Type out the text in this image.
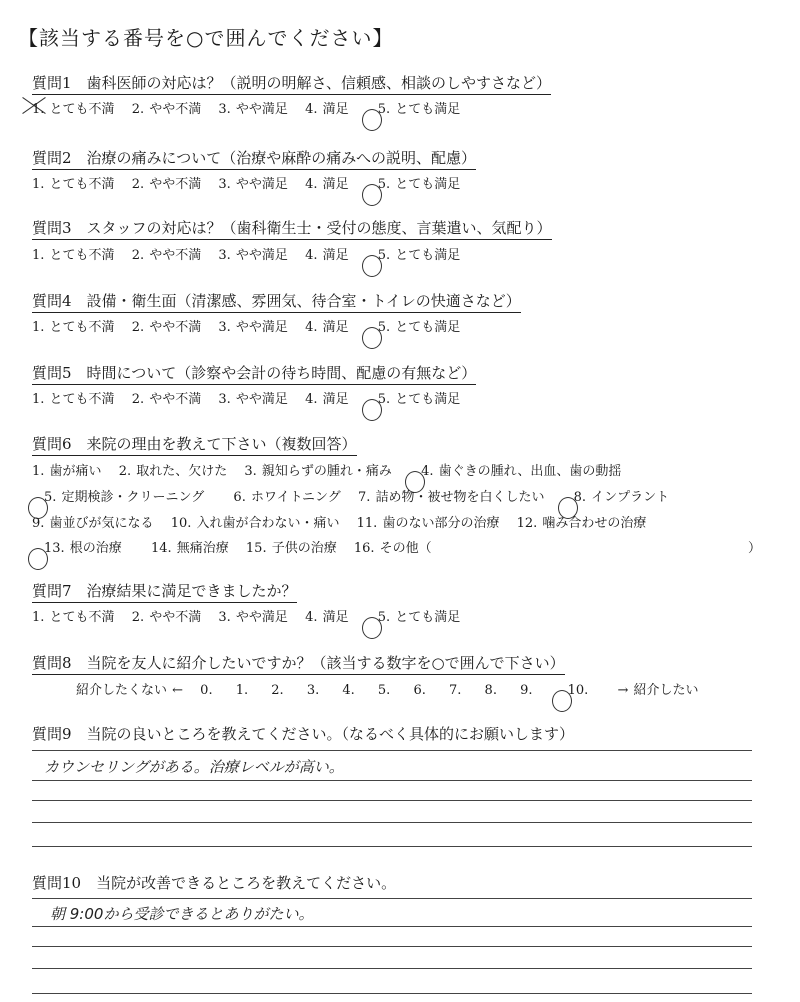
【該当する番号を○で囲んでください】
質問1　歯科医師の対応は？（説明の明解さ、信頼感、相談のしやすさなど）
1. とても不満 2. やや不満 3. やや満足 4. 満足 5. とても満足
質問2　治療の痛みについて（治療や麻酔の痛みへの説明、配慮）
1. とても不満 2. やや不満 3. やや満足 4. 満足 5. とても満足
質問3　スタッフの対応は？（歯科衛生士・受付の態度、言葉遣い、気配り）
1. とても不満 2. やや不満 3. やや満足 4. 満足 5. とても満足
質問4　設備・衛生面（清潔感、雰囲気、待合室・トイレの快適さなど）
1. とても不満 2. やや不満 3. やや満足 4. 満足 5. とても満足
質問5　時間について（診察や会計の待ち時間、配慮の有無など）
1. とても不満 2. やや不満 3. やや満足 4. 満足 5. とても満足
質問6　来院の理由を教えて下さい（複数回答）
1. 歯が痛い 2. 取れた、欠けた 3. 親知らずの腫れ・痛み 4. 歯ぐきの腫れ、出血、歯の動揺
5. 定期検診・クリーニング 6. ホワイトニング 7. 詰め物・被せ物を白くしたい 8. インプラント
9. 歯並びが気になる 10. 入れ歯が合わない・痛い 11. 歯のない部分の治療 12. 噛み合わせの治療
13. 根の治療 14. 無痛治療 15. 子供の治療 16. その他（	）
質問7　治療結果に満足できましたか？
1. とても不満 2. やや不満 3. やや満足 4. 満足 5. とても満足
質問8　当院を友人に紹介したいですか？（該当する数字を○で囲んで下さい）
紹介したくない ← 0. 1. 2. 3. 4. 5. 6. 7. 8. 9.	10. → 紹介したい
質問9　当院の良いところを教えてください。（なるべく具体的にお願いします）
カウンセリングがある。治療レベルが高い。
質問10　当院が改善できるところを教えてください。
朝 9:00から受診できるとありがたい。
